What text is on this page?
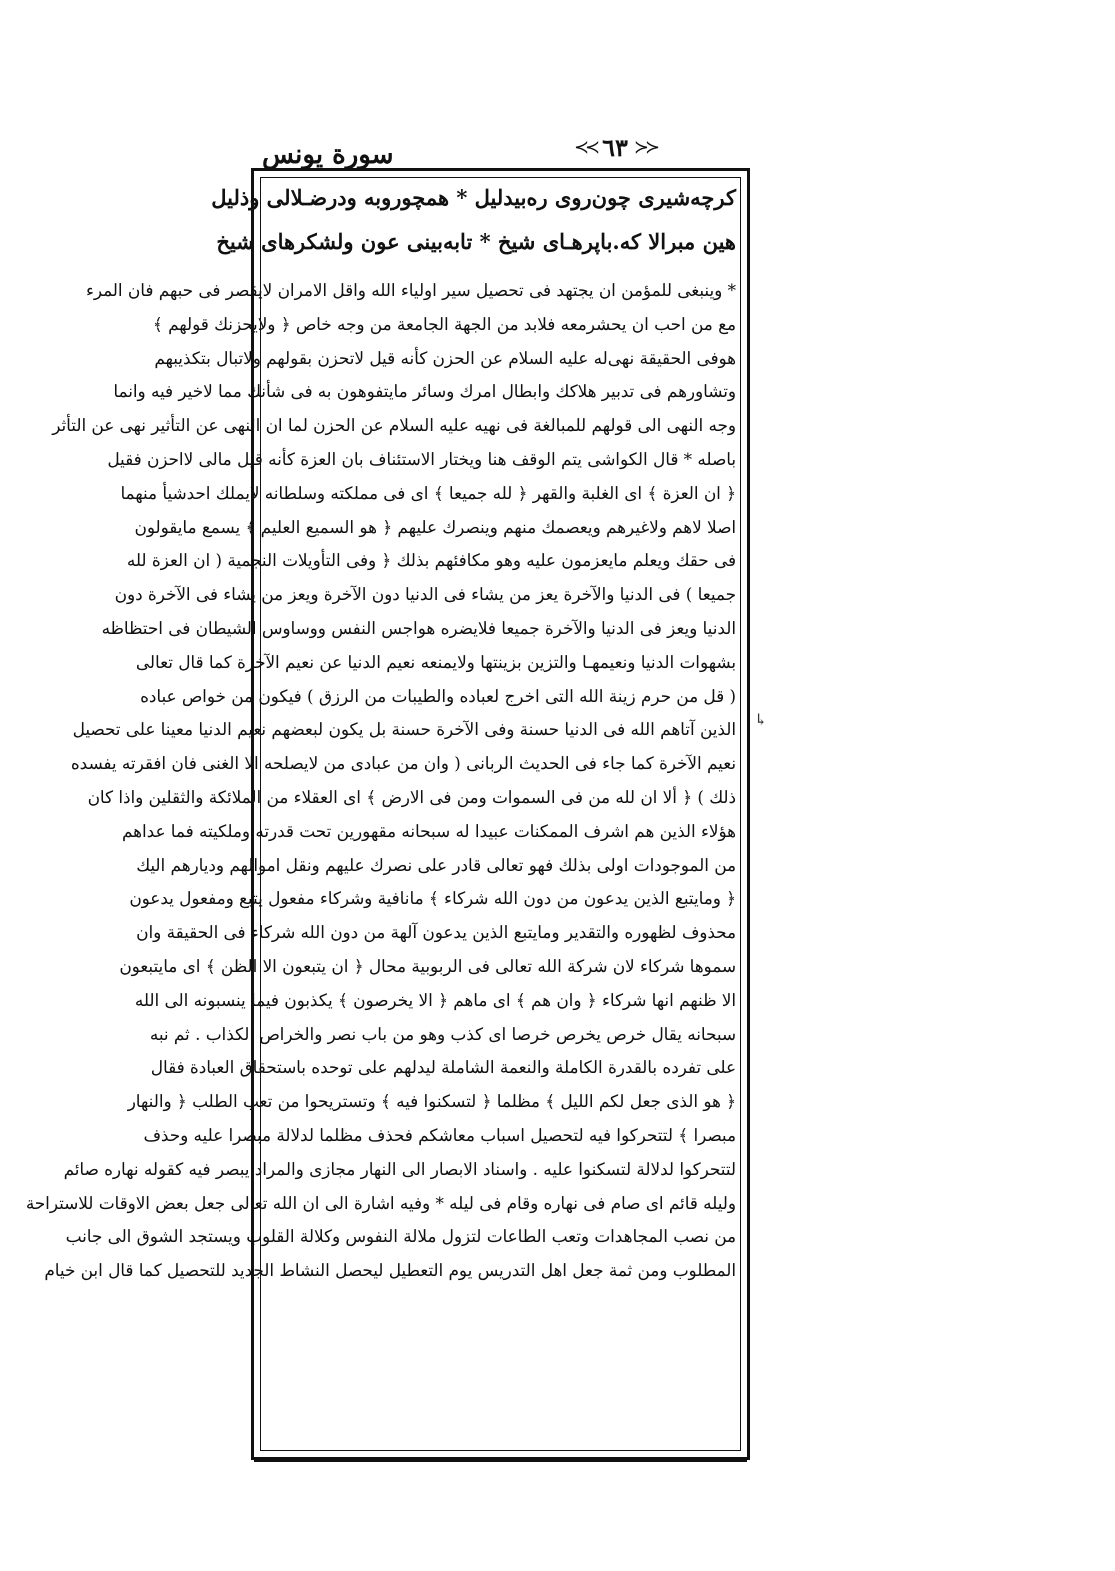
سورة يونس	≺≺ ٦٣ ≻≻
كرچه‌شيرى چون‌روى ره‌بيدليل * همچوروبه ودرضـلالى وذليل
هين مبرالا كه.باپرهـاى شيخ * تابه‌بينى عون ولشكرهاى شيخ
* وينبغى للمؤمن ان يجتهد فى تحصيل سير اولياء الله واقل الامران لايقصر فى حبهم فان المرء
مع من احب ان يحشرمعه فلابد من الجهة الجامعة من وجه خاص ﴿ ولايحزنك قولهم ﴾
هوفى الحقيقة نهى‌له عليه السلام عن الحزن كأنه قيل لاتحزن بقولهم ولاتبال بتكذيبهم
وتشاورهم فى تدبير هلاكك وابطال امرك وسائر مايتفوهون به فى شأنك مما لاخير فيه وانما
وجه النهى الى قولهم للمبالغة فى نهيه عليه السلام عن الحزن لما ان النهى عن التأثير نهى عن التأثر
باصله * قال الكواشى يتم الوقف هنا ويختار الاستئناف بان العزة كأنه قيل مالى لااحزن فقيل
﴿ ان العزة ﴾ اى الغلبة والقهر ﴿ لله جميعا ﴾ اى فى مملكته وسلطانه لايملك احدشيأ منهما
اصلا لاهم ولاغيرهم ويعصمك منهم وينصرك عليهم ﴿ هو السميع العليم ﴾ يسمع مايقولون
فى حقك ويعلم مايعزمون عليه وهو مكافئهم بذلك ﴿ وفى التأويلات النجمية ( ان العزة لله
جميعا ) فى الدنيا والآخرة يعز من يشاء فى الدنيا دون الآخرة ويعز من يشاء فى الآخرة دون
الدنيا ويعز فى الدنيا والآخرة جميعا فلايضره هواجس النفس ووساوس الشيطان فى احتظاظه
بشهوات الدنيا ونعيمهـا والتزين بزينتها ولايمنعه نعيم الدنيا عن نعيم الآخرة كما قال تعالى
( قل من حرم زينة الله التى اخرج لعباده والطيبات من الرزق ) فيكون من خواص عباده
الذين آتاهم الله فى الدنيا حسنة وفى الآخرة حسنة بل يكون لبعضهم نعيم الدنيا معينا على تحصيل
نعيم الآخرة كما جاء فى الحديث الربانى ( وان من عبادى من لايصلحه الا الغنى فان افقرته يفسده
ذلك ) ﴿ ألا ان لله من فى السموات ومن فى الارض ﴾ اى العقلاء من الملائكة والثقلين واذا كان
هؤلاء الذين هم اشرف الممكنات عبيدا له سبحانه مقهورين تحت قدرته وملكيته فما عداهم
من الموجودات اولى بذلك فهو تعالى قادر على نصرك عليهم ونقل اموالهم وديارهم اليك
﴿ ومايتبع الذين يدعون من دون الله شركاء ﴾ مانافية وشركاء مفعول يتبع ومفعول يدعون
محذوف لظهوره والتقدير ومايتبع الذين يدعون آلهة من دون الله شركاء فى الحقيقة وان
سموها شركاء لان شركة الله تعالى فى الربوبية محال ﴿ ان يتبعون الا الظن ﴾ اى مايتبعون
الا ظنهم انها شركاء ﴿ وان هم ﴾ اى ماهم ﴿ الا يخرصون ﴾ يكذبون فيما ينسبونه الى الله
سبحانه يقال خرص يخرص خرصا اى كذب وهو من باب نصر والخراص الكذاب . ثم نبه
على تفرده بالقدرة الكاملة والنعمة الشاملة ليدلهم على توحده باستحقاق العبادة فقال
﴿ هو الذى جعل لكم الليل ﴾ مظلما ﴿ لتسكنوا فيه ﴾ وتستريحوا من تعب الطلب ﴿ والنهار
مبصرا ﴾ لتتحركوا فيه لتحصيل اسباب معاشكم فحذف مظلما لدلالة مبصرا عليه وحذف
لتتحركوا لدلالة لتسكنوا عليه . واسناد الابصار الى النهار مجازى والمراد يبصر فيه كقوله نهاره صائم
وليله قائم اى صام فى نهاره وقام فى ليله * وفيه اشارة الى ان الله تعالى جعل بعض الاوقات للاستراحة
من نصب المجاهدات وتعب الطاعات لتزول ملالة النفوس وكلالة القلوب ويستجد الشوق الى جانب
المطلوب ومن ثمة جعل اهل التدريس يوم التعطيل ليحصل النشاط الجديد للتحصيل كما قال ابن خيام
↳
